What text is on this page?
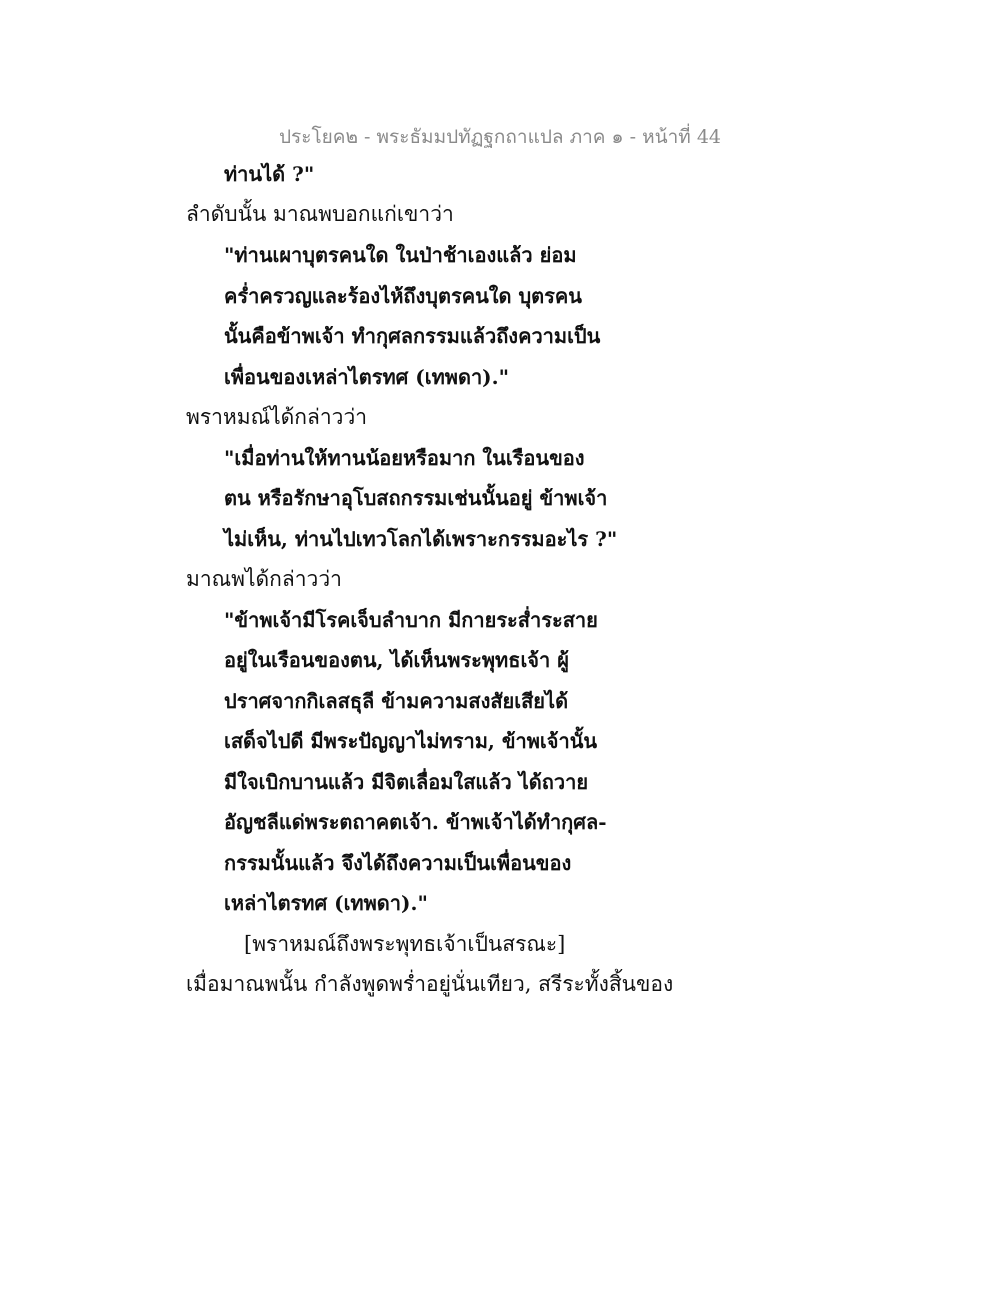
ประโยค๒ - พระธัมมปทัฏฐกถาแปล ภาค ๑ - หน้าที่ 44
ท่านได้ ?"
ลำดับนั้น มาณพบอกแก่เขาว่า
"ท่านเผาบุตรคนใด ในป่าช้าเองแล้ว ย่อม
คร่ำครวญและร้องไห้ถึงบุตรคนใด บุตรคน
นั้นคือข้าพเจ้า ทำกุศลกรรมแล้วถึงความเป็น
เพื่อนของเหล่าไตรทศ (เทพดา)."
พราหมณ์ได้กล่าวว่า
"เมื่อท่านให้ทานน้อยหรือมาก ในเรือนของ
ตน หรือรักษาอุโบสถกรรมเช่นนั้นอยู่ ข้าพเจ้า
ไม่เห็น, ท่านไปเทวโลกได้เพราะกรรมอะไร ?"
มาณพได้กล่าวว่า
"ข้าพเจ้ามีโรคเจ็บลำบาก มีกายระส่ำระสาย
อยู่ในเรือนของตน, ได้เห็นพระพุทธเจ้า ผู้
ปราศจากกิเลสธุลี ข้ามความสงสัยเสียได้
เสด็จไปดี มีพระปัญญาไม่ทราม, ข้าพเจ้านั้น
มีใจเบิกบานแล้ว มีจิตเลื่อมใสแล้ว ได้ถวาย
อัญชลีแด่พระตถาคตเจ้า. ข้าพเจ้าได้ทำกุศล-
กรรมนั้นแล้ว จึงได้ถึงความเป็นเพื่อนของ
เหล่าไตรทศ (เทพดา)."
[พราหมณ์ถึงพระพุทธเจ้าเป็นสรณะ]
เมื่อมาณพนั้น กำลังพูดพร่ำอยู่นั่นเทียว, สรีระทั้งสิ้นของ
